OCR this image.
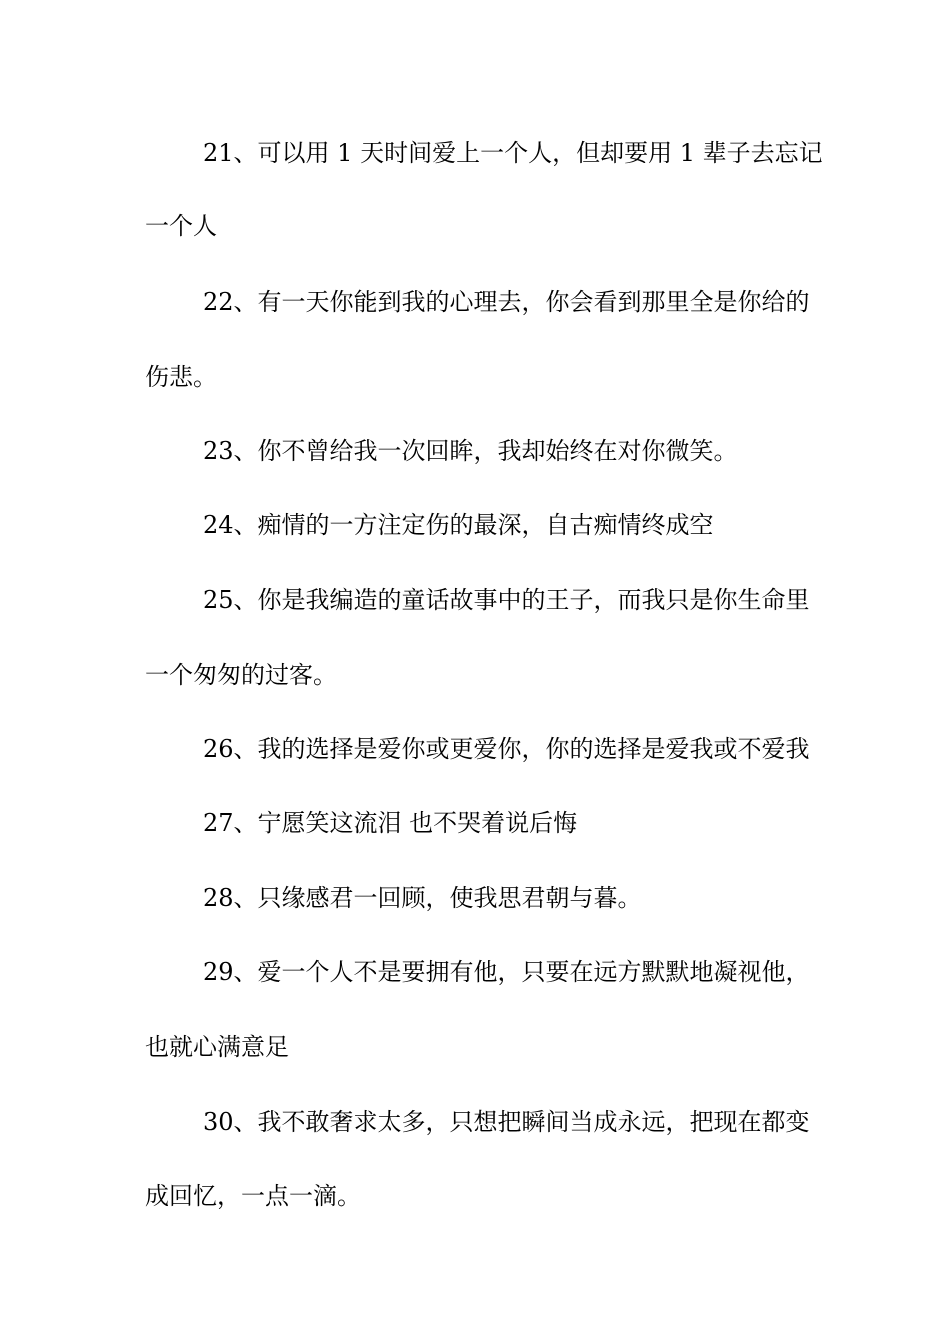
21、可以用 1 天时间爱上一个人，但却要用 1 辈子去忘记
一个人
22、有一天你能到我的心理去，你会看到那里全是你给的
伤悲。
23、你不曾给我一次回眸，我却始终在对你微笑。
24、痴情的一方注定伤的最深，自古痴情终成空
25、你是我编造的童话故事中的王子，而我只是你生命里
一个匆匆的过客。
26、我的选择是爱你或更爱你，你的选择是爱我或不爱我
27、宁愿笑这流泪 也不哭着说后悔
28、只缘感君一回顾，使我思君朝与暮。
29、爱一个人不是要拥有他，只要在远方默默地凝视他，
也就心满意足
30、我不敢奢求太多，只想把瞬间当成永远，把现在都变
成回忆，一点一滴。
